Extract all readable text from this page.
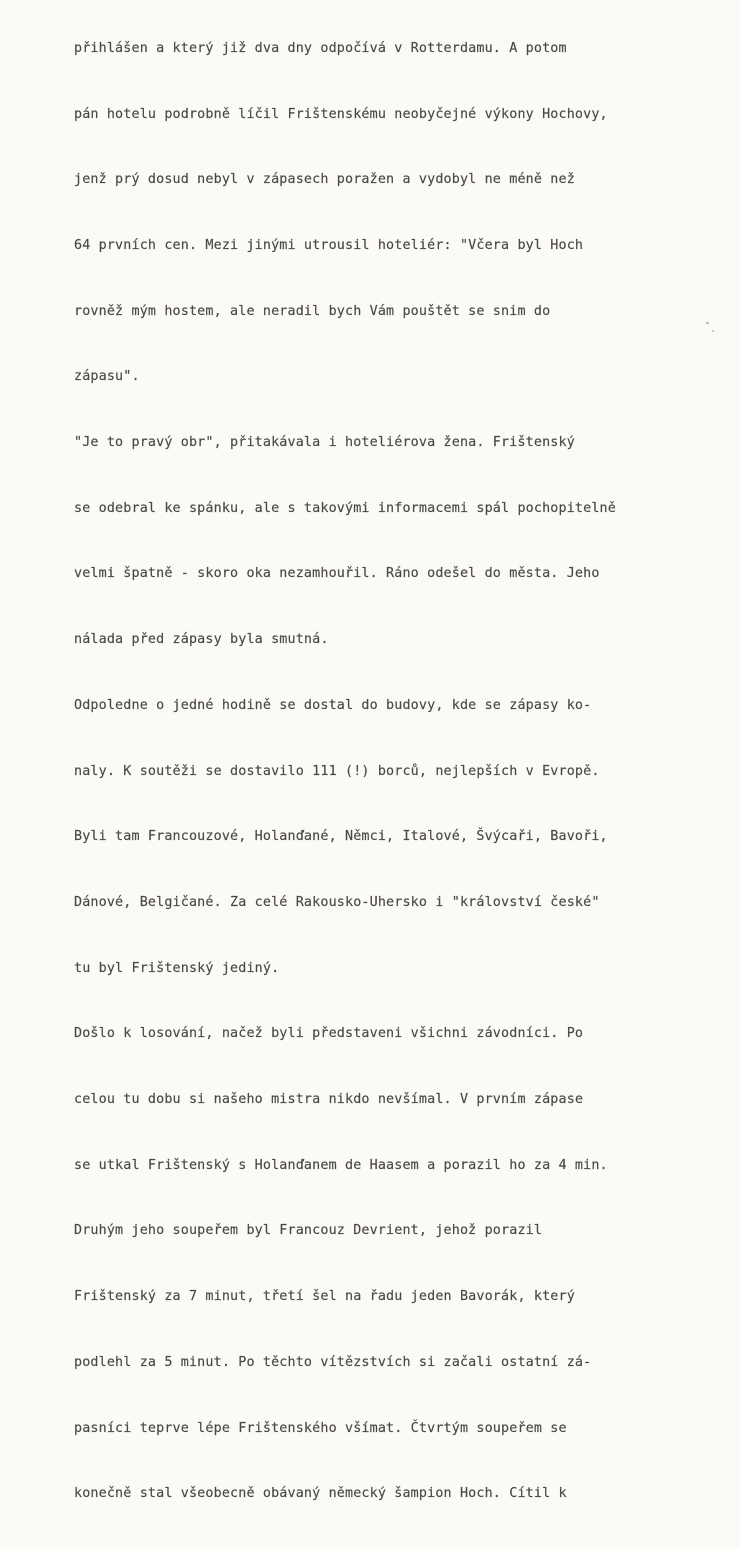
přihlášen a který již dva dny odpočívá v Rotterdamu. A potom

pán hotelu podrobně líčil Frištenskému neobyčejné výkony Hochovy,

jenž prý dosud nebyl v zápasech poražen a vydobyl ne méně než

64 prvních cen. Mezi jinými utrousil hoteliér: "Včera byl Hoch

rovněž mým hostem, ale neradil bych Vám pouštět se snim do

zápasu".

"Je to pravý obr", přitakávala i hoteliérova žena. Frištenský

se odebral ke spánku, ale s takovými informacemi spál pochopitelně

velmi špatně - skoro oka nezamhouřil. Ráno odešel do města. Jeho

nálada před zápasy byla smutná.

Odpoledne o jedné hodině se dostal do budovy, kde se zápasy ko-

naly. K soutěži se dostavilo 111 (!) borců, nejlepších v Evropě.

Byli tam Francouzové, Holanďané, Němci, Italové, Švýcaři, Bavoři,

Dánové, Belgičané. Za celé Rakousko-Uhersko i "království české"

tu byl Frištenský jediný.

Došlo k losování, načež byli představeni všichni závodníci. Po

celou tu dobu si našeho mistra nikdo nevšímal. V prvním zápase

se utkal Frištenský s Holanďanem de Haasem a porazil ho za 4 min.

Druhým jeho soupeřem byl Francouz Devrient, jehož porazil

Frištenský za 7 minut, třetí šel na řadu jeden Bavorák, který

podlehl za 5 minut. Po těchto vítězstvích si začali ostatní zá-

pasníci teprve lépe Frištenského všímat. Čtvrtým soupeřem se

konečně stal všeobecně obávaný německý šampion Hoch. Cítil k
